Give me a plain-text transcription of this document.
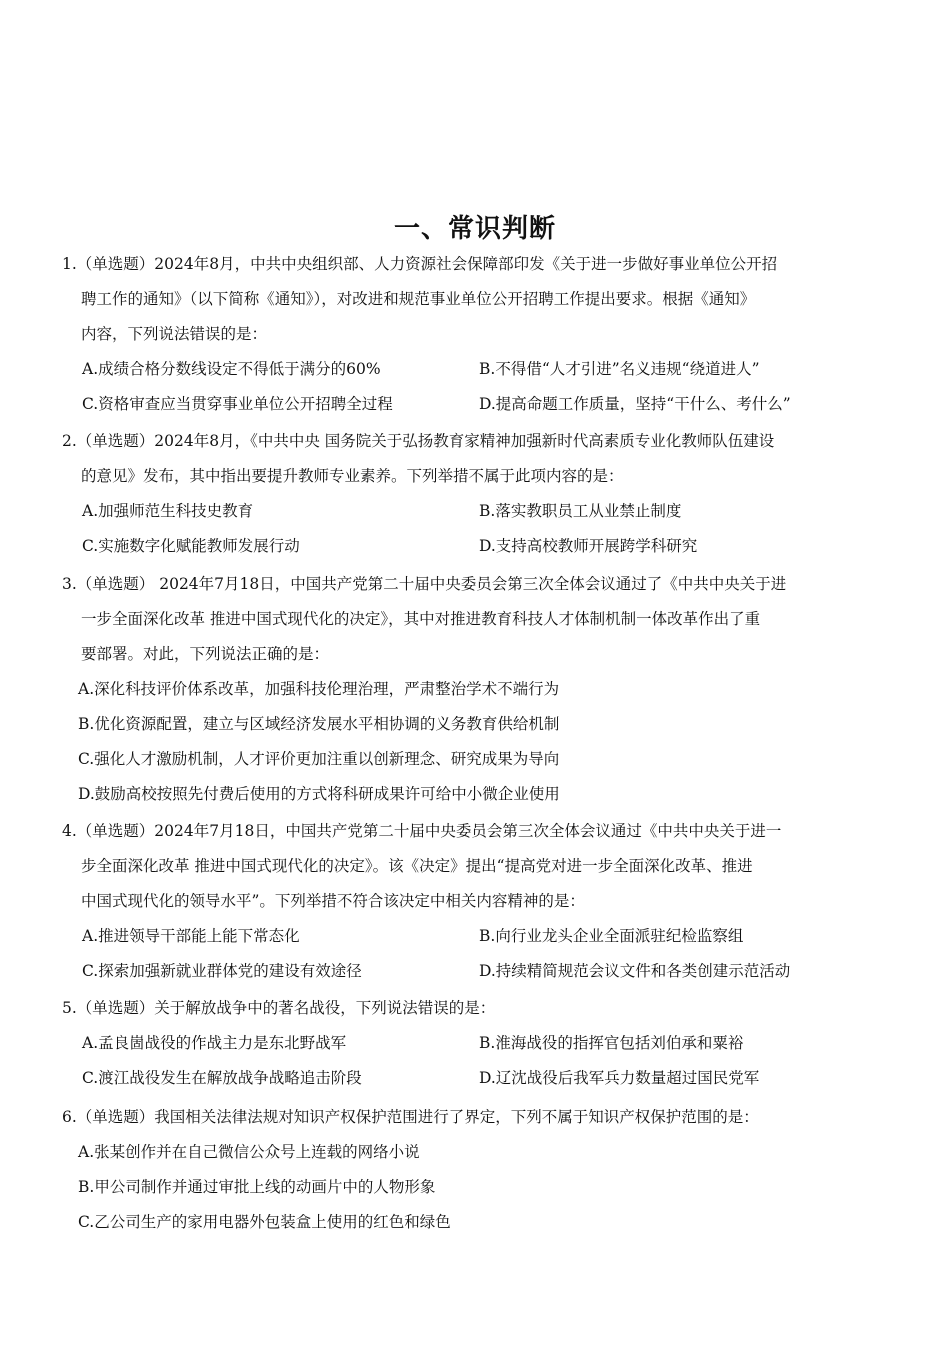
一、常识判断
1.（单选题）2024年8月，中共中央组织部、人力资源社会保障部印发《关于进一步做好事业单位公开招
聘工作的通知》（以下简称《通知》），对改进和规范事业单位公开招聘工作提出要求。根据《通知》
内容，下列说法错误的是：
A.成绩合格分数线设定不得低于满分的60%	B.不得借“人才引进”名义违规“绕道进人”
C.资格审查应当贯穿事业单位公开招聘全过程	D.提高命题工作质量，坚持“干什么、考什么”
2.（单选题）2024年8月，《中共中央 国务院关于弘扬教育家精神加强新时代高素质专业化教师队伍建设
的意见》发布，其中指出要提升教师专业素养。下列举措不属于此项内容的是：
A.加强师范生科技史教育	B.落实教职员工从业禁止制度
C.实施数字化赋能教师发展行动	D.支持高校教师开展跨学科研究
3.（单选题） 2024年7月18日，中国共产党第二十届中央委员会第三次全体会议通过了《中共中央关于进
一步全面深化改革 推进中国式现代化的决定》，其中对推进教育科技人才体制机制一体改革作出了重
要部署。对此，下列说法正确的是：
A.深化科技评价体系改革，加强科技伦理治理，严肃整治学术不端行为
B.优化资源配置，建立与区域经济发展水平相协调的义务教育供给机制
C.强化人才激励机制，人才评价更加注重以创新理念、研究成果为导向
D.鼓励高校按照先付费后使用的方式将科研成果许可给中小微企业使用
4.（单选题）2024年7月18日，中国共产党第二十届中央委员会第三次全体会议通过《中共中央关于进一
步全面深化改革 推进中国式现代化的决定》。该《决定》提出“提高党对进一步全面深化改革、推进
中国式现代化的领导水平”。下列举措不符合该决定中相关内容精神的是：
A.推进领导干部能上能下常态化	B.向行业龙头企业全面派驻纪检监察组
C.探索加强新就业群体党的建设有效途径	D.持续精简规范会议文件和各类创建示范活动
5.（单选题）关于解放战争中的著名战役，下列说法错误的是：
A.孟良崮战役的作战主力是东北野战军	B.淮海战役的指挥官包括刘伯承和粟裕
C.渡江战役发生在解放战争战略追击阶段	D.辽沈战役后我军兵力数量超过国民党军
6.（单选题）我国相关法律法规对知识产权保护范围进行了界定，下列不属于知识产权保护范围的是：
A.张某创作并在自己微信公众号上连载的网络小说
B.甲公司制作并通过审批上线的动画片中的人物形象
C.乙公司生产的家用电器外包装盒上使用的红色和绿色
